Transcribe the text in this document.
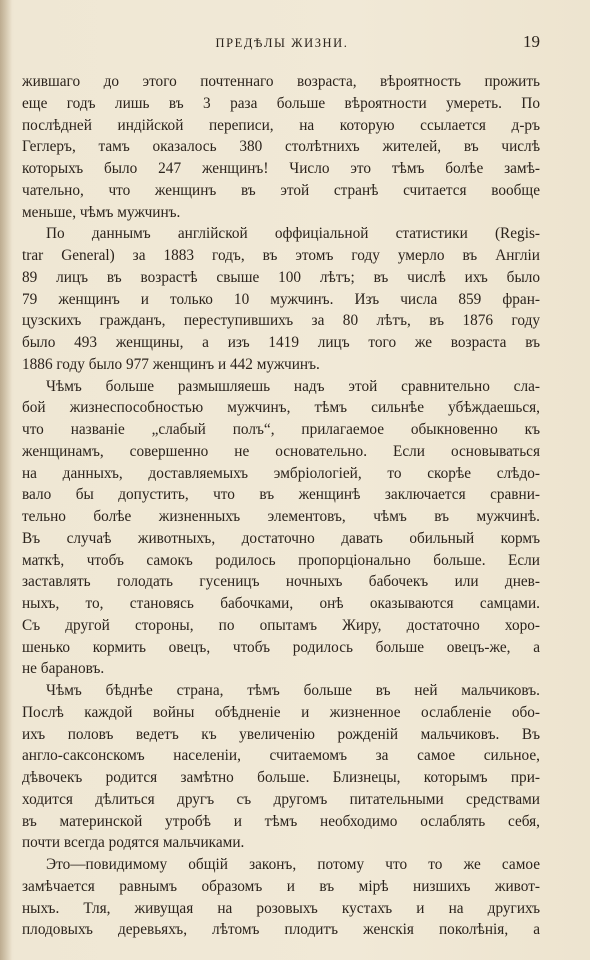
ПРЕДѢЛЫ ЖИЗНИ.	19
жившаго до этого почтеннаго возраста, вѣроятность прожить
еще годъ лишь въ 3 раза больше вѣроятности умереть. По
послѣдней индійской переписи, на которую ссылается д-ръ
Геглеръ, тамъ оказалось 380 столѣтнихъ жителей, въ числѣ
которыхъ было 247 женщинъ! Число это тѣмъ болѣе замѣ-
чательно, что женщинъ въ этой странѣ считается вообще
меньше, чѣмъ мужчинъ.
По даннымъ англійской оффиціальной статистики (Regis-
trar General) за 1883 годъ, въ этомъ году умерло въ Англіи
89 лицъ въ возрастѣ свыше 100 лѣтъ; въ числѣ ихъ было
79 женщинъ и только 10 мужчинъ. Изъ числа 859 фран-
цузскихъ гражданъ, переступившихъ за 80 лѣтъ, въ 1876 году
было 493 женщины, а изъ 1419 лицъ того же возраста въ
1886 году было 977 женщинъ и 442 мужчинъ.
Чѣмъ больше размышляешь надъ этой сравнительно сла-
бой жизнеспособностью мужчинъ, тѣмъ сильнѣе убѣждаешься,
что названіе „слабый полъ“, прилагаемое обыкновенно къ
женщинамъ, совершенно не основательно. Если основываться
на данныхъ, доставляемыхъ эмбріологіей, то скорѣе слѣдо-
вало бы допустить, что въ женщинѣ заключается сравни-
тельно болѣе жизненныхъ элементовъ, чѣмъ въ мужчинѣ.
Въ случаѣ животныхъ, достаточно давать обильный кормъ
маткѣ, чтобъ самокъ родилось пропорціонально больше. Если
заставлять голодать гусеницъ ночныхъ бабочекъ или днев-
ныхъ, то, становясь бабочками, онѣ оказываются самцами.
Съ другой стороны, по опытамъ Жиру, достаточно хоро-
шенько кормить овецъ, чтобъ родилось больше овецъ-же, а
не барановъ.
Чѣмъ бѣднѣе страна, тѣмъ больше въ ней мальчиковъ.
Послѣ каждой войны обѣдненіе и жизненное ослабленіе обо-
ихъ половъ ведетъ къ увеличенію рожденій мальчиковъ. Въ
англо-саксонскомъ населеніи, считаемомъ за самое сильное,
дѣвочекъ родится замѣтно больше. Близнецы, которымъ при-
ходится дѣлиться другъ съ другомъ питательными средствами
въ материнской утробѣ и тѣмъ необходимо ослаблять себя,
почти всегда родятся мальчиками.
Это—повидимому общій законъ, потому что то же самое
замѣчается равнымъ образомъ и въ мірѣ низшихъ живот-
ныхъ. Тля, живущая на розовыхъ кустахъ и на другихъ
плодовыхъ деревьяхъ, лѣтомъ плодитъ женскія поколѣнія, а
